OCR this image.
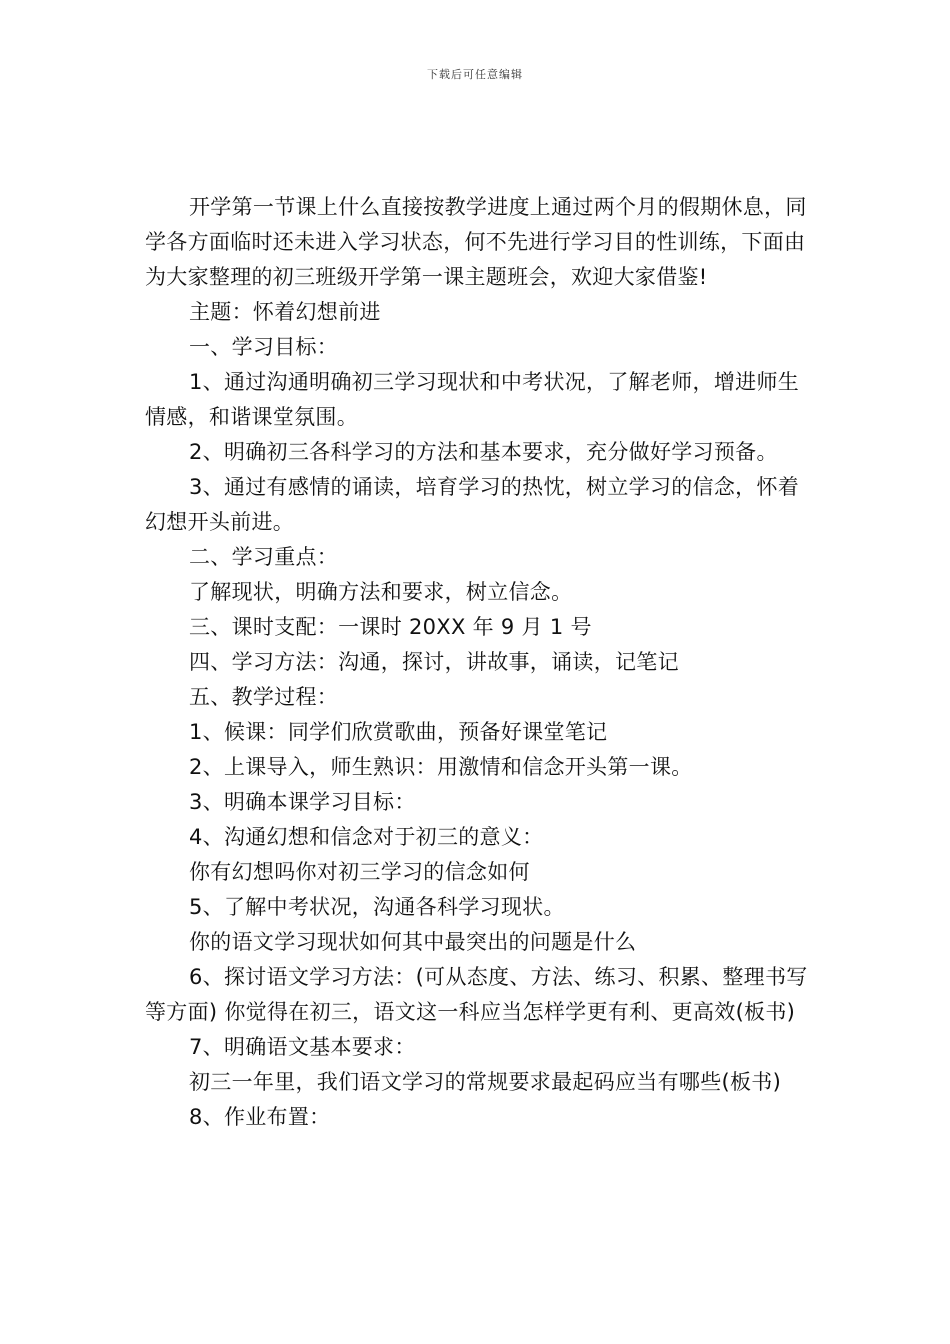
下载后可任意编辑

开学第一节课上什么直接按教学进度上通过两个月的假期休息，同学各方面临时还未进入学习状态，何不先进行学习目的性训练，下面由为大家整理的初三班级开学第一课主题班会，欢迎大家借鉴!

主题：怀着幻想前进

一、学习目标：

1、通过沟通明确初三学习现状和中考状况，了解老师，增进师生情感，和谐课堂氛围。

2、明确初三各科学习的方法和基本要求，充分做好学习预备。

3、通过有感情的诵读，培育学习的热忱，树立学习的信念，怀着幻想开头前进。

二、学习重点：

了解现状，明确方法和要求，树立信念。

三、课时支配：一课时 20XX 年 9 月 1 号

四、学习方法：沟通，探讨，讲故事，诵读，记笔记

五、教学过程：

1、候课：同学们欣赏歌曲，预备好课堂笔记

2、上课导入，师生熟识：用激情和信念开头第一课。

3、明确本课学习目标：

4、沟通幻想和信念对于初三的意义：

你有幻想吗你对初三学习的信念如何

5、了解中考状况，沟通各科学习现状。

你的语文学习现状如何其中最突出的问题是什么

6、探讨语文学习方法：(可从态度、方法、练习、积累、整理书写等方面) 你觉得在初三，语文这一科应当怎样学更有利、更高效(板书)

7、明确语文基本要求：

初三一年里，我们语文学习的常规要求最起码应当有哪些(板书)

8、作业布置：
